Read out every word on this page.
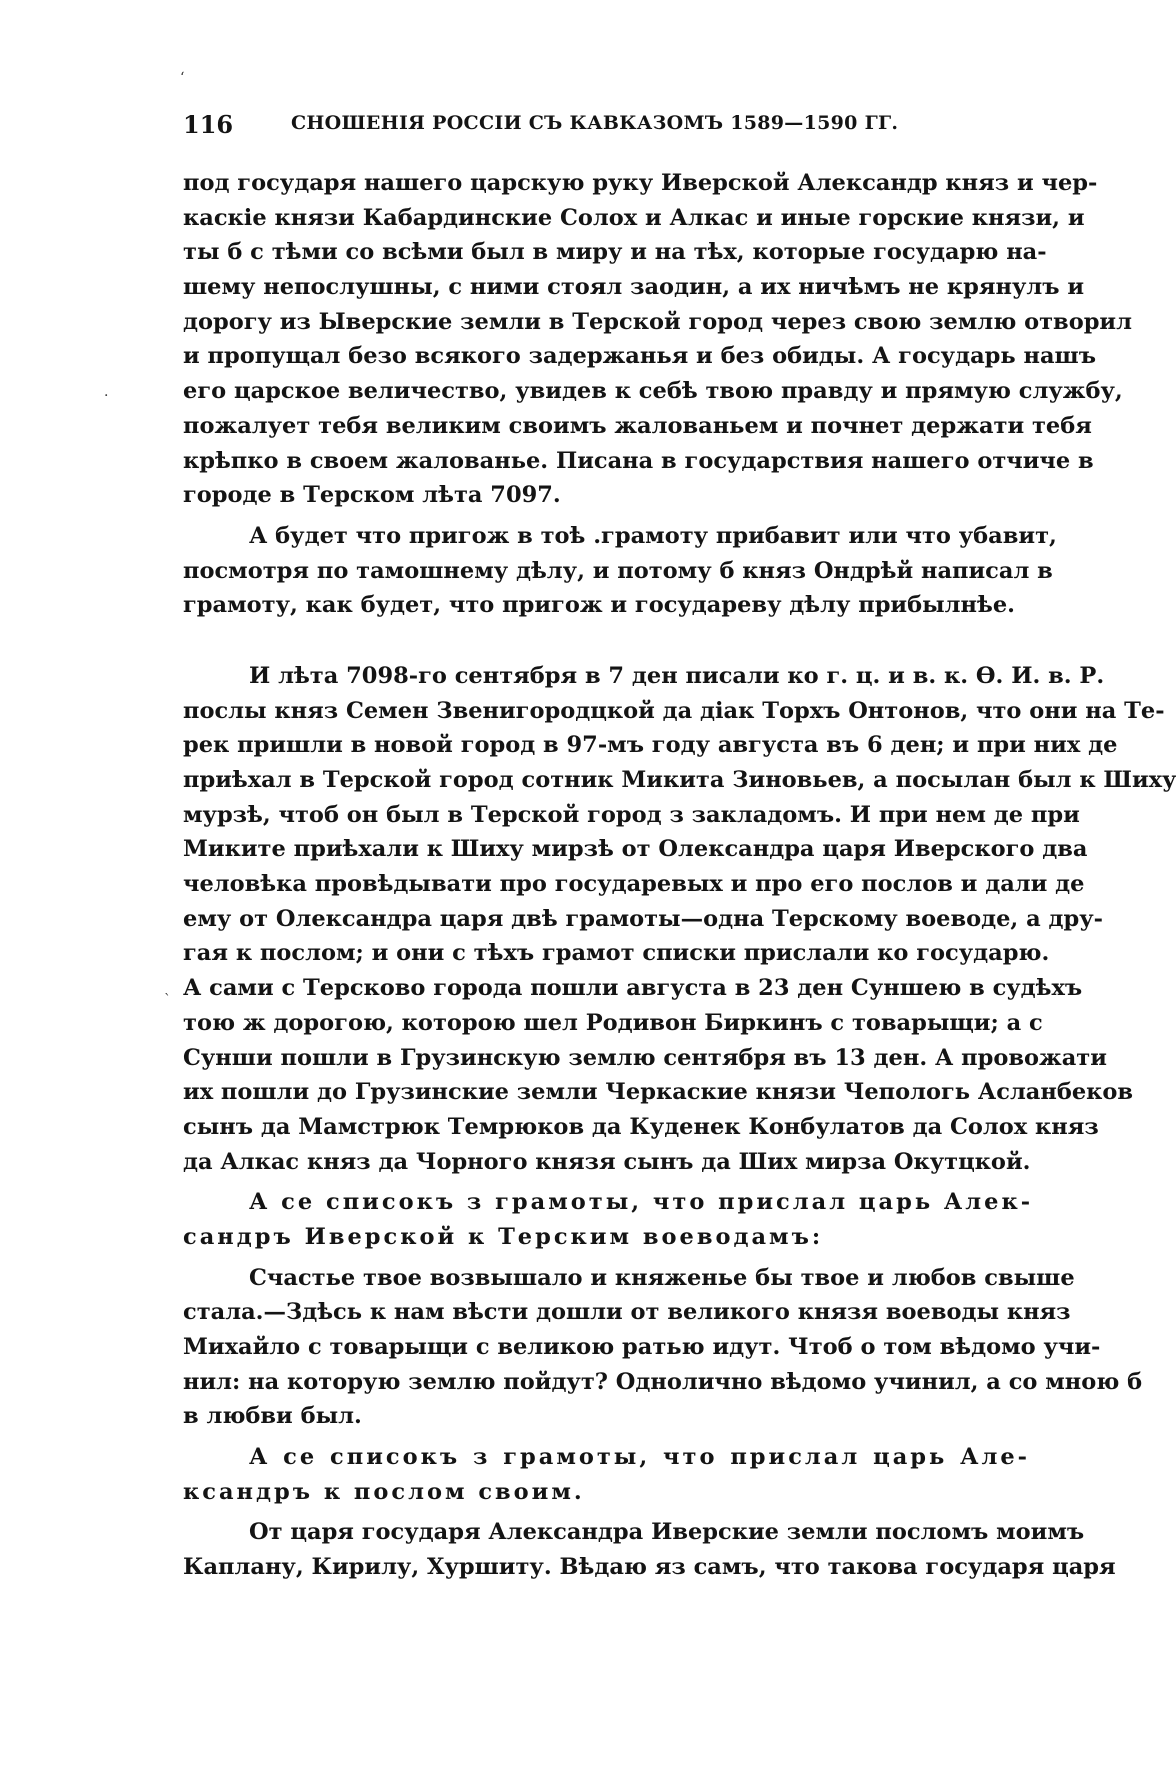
‘
·
`
116	СНОШЕНІЯ РОССІИ СЪ КАВКАЗОМЪ 1589—1590 ГГ.
под государя нашего царскую руку Иверской Александр княз и чер-
каскіе князи Кабардинские Солох и Алкас и иные горские князи, и
ты б с тѣми со всѣми был в миру и на тѣх, которые государю на-
шему непослушны, с ними стоял заодин, а их ничѣмъ не крянулъ и
дорогу из Ыверские земли в Терской город через свою землю отворил
и пропущал безо всякого задержанья и без обиды. А государь нашъ
его царское величество, увидев к себѣ твою правду и прямую службу,
пожалует тебя великим своимъ жалованьем и почнет держати тебя
крѣпко в своем жалованье. Писана в государствия нашего отчиче в
городе в Терском лѣта 7097.
А будет что пригож в тоѣ .грамоту прибавит или что убавит,
посмотря по тамошнему дѣлу, и потому б княз Ондрѣй написал в
грамоту, как будет, что пригож и государеву дѣлу прибылнѣе.
И лѣта 7098-го сентября в 7 ден писали ко г. ц. и в. к. Ѳ. И. в. Р.
послы княз Семен Звенигородцкой да діак Торхъ Онтонов, что они на Те-
рек пришли в новой город в 97-мъ году августа въ 6 ден; и при них де
приѣхал в Терской город сотник Микита Зиновьев, а посылан был к Шиху
мурзѣ, чтоб он был в Терской город з закладомъ. И при нем де при
Миките приѣхали к Шиху мирзѣ от Олександра царя Иверского два
человѣка провѣдывати про государевых и про его послов и дали де
ему от Олександра царя двѣ грамоты—одна Терскому воеводе, а дру-
гая к послом; и они с тѣхъ грамот списки прислали ко государю.
А сами с Терсково города пошли августа в 23 ден Суншею в судѣхъ
тою ж дорогою, которою шел Родивон Биркинъ с товарыщи; а с
Сунши пошли в Грузинскую землю сентября въ 13 ден. А провожати
их пошли до Грузинские земли Черкаские князи Чепологь Асланбеков
сынъ да Мамстрюк Темрюков да Куденек Конбулатов да Солох княз
да Алкас княз да Чорного князя сынъ да Ших мирза Окутцкой.
А се списокъ з грамоты, что прислал царь Алек-
сандръ Иверской к Терским воеводамъ:
Счастье твое возвышало и княженье бы твое и любов свыше
стала.—Здѣсь к нам вѣсти дошли от великого князя воеводы княз
Михайло с товарыщи с великою ратью идут. Чтоб о том вѣдомо учи-
нил: на которую землю пойдут? Однолично вѣдомо учинил, а со мною б
в любви был.
А се списокъ з грамоты, что прислал царь Але-
ксандръ к послом своим.
От царя государя Александра Иверские земли посломъ моимъ
Каплану, Кирилу, Хуршиту. Вѣдаю яз самъ, что такова государя царя
